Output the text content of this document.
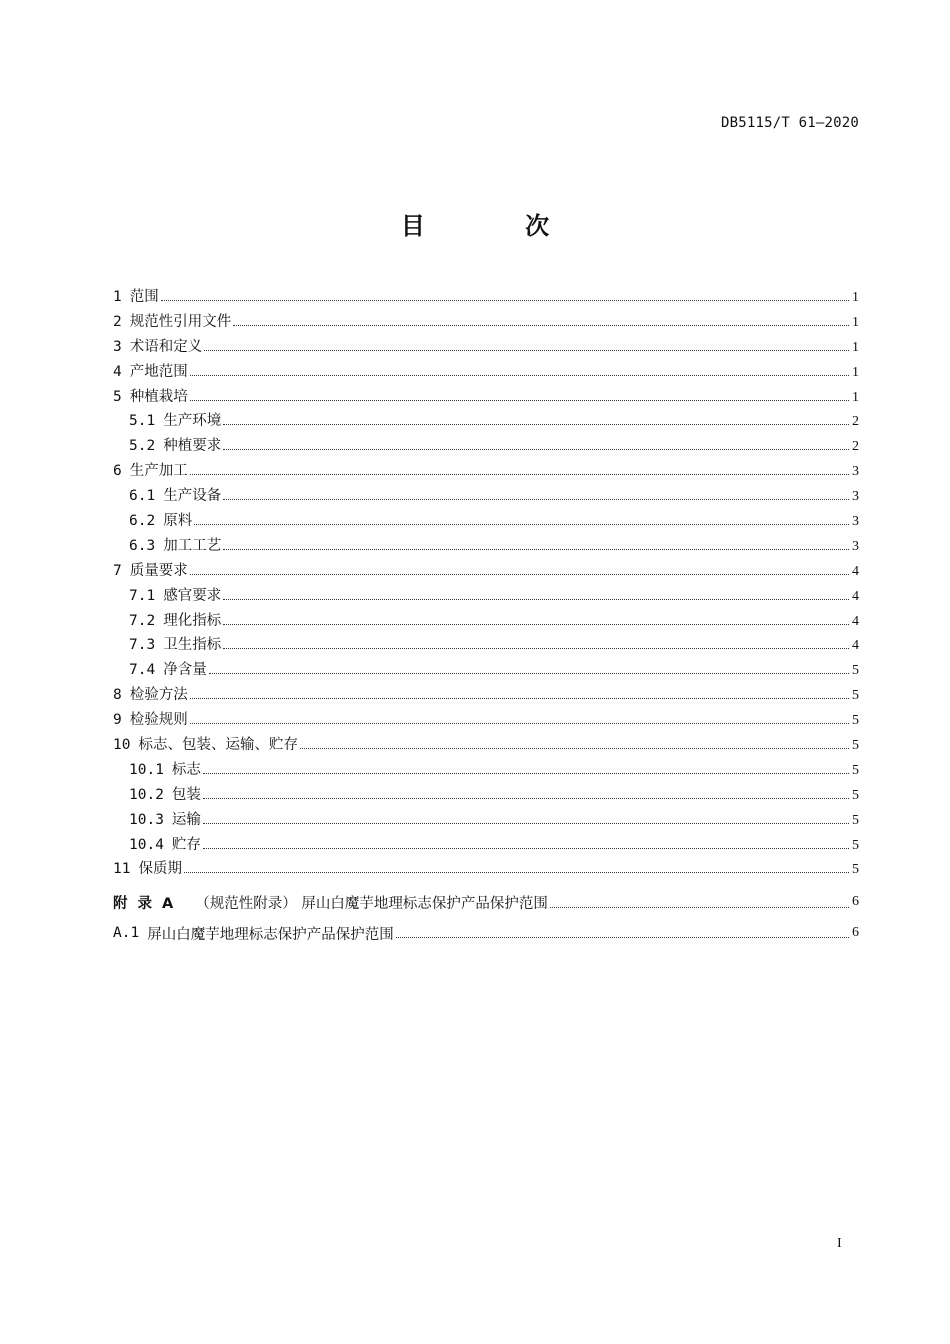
DB5115/T 61—2020
目 次
1 范围	1
2 规范性引用文件	1
3 术语和定义	1
4 产地范围	1
5 种植栽培	1
5.1 生产环境	2
5.2 种植要求	2
6 生产加工	3
6.1 生产设备	3
6.2 原料	3
6.3 加工工艺	3
7 质量要求	4
7.1 感官要求	4
7.2 理化指标	4
7.3 卫生指标	4
7.4 净含量	5
8 检验方法	5
9 检验规则	5
10 标志、包装、运输、贮存	5
10.1 标志	5
10.2 包装	5
10.3 运输	5
10.4 贮存	5
11 保质期	5
附录A （规范性附录） 屏山白魔芋地理标志保护产品保护范围	6
A.1 屏山白魔芋地理标志保护产品保护范围	6
I
